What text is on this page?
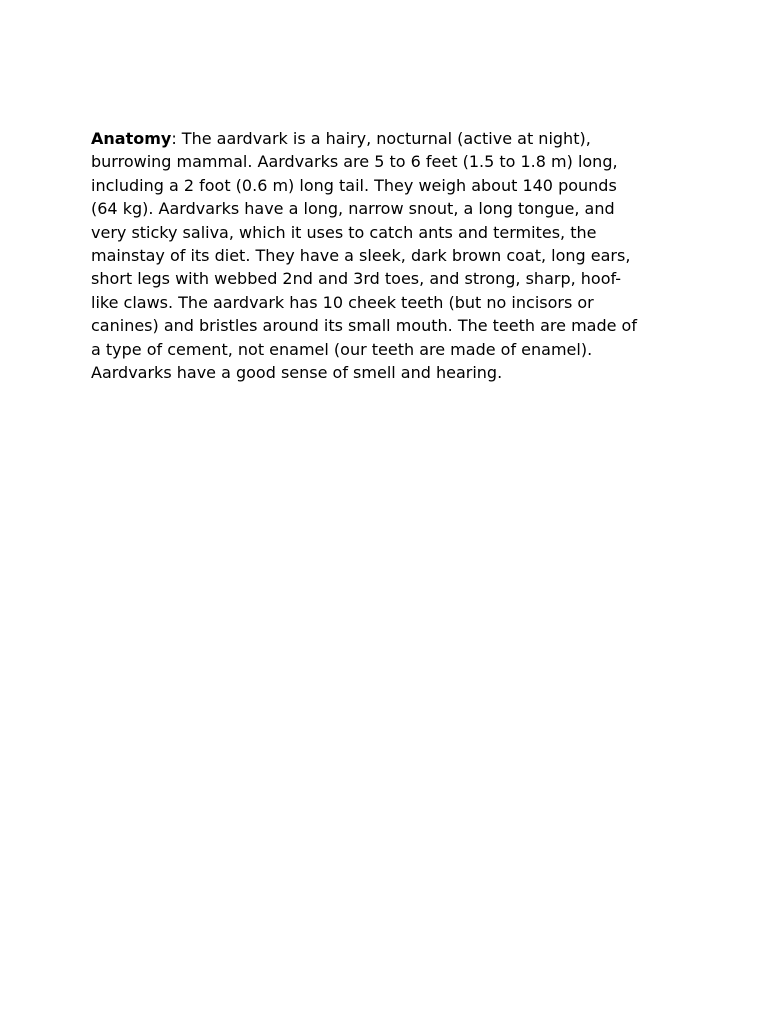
Anatomy: The aardvark is a hairy, nocturnal (active at night),
burrowing mammal. Aardvarks are 5 to 6 feet (1.5 to 1.8 m) long,
including a 2 foot (0.6 m) long tail. They weigh about 140 pounds
(64 kg). Aardvarks have a long, narrow snout, a long tongue, and
very sticky saliva, which it uses to catch ants and termites, the
mainstay of its diet. They have a sleek, dark brown coat, long ears,
short legs with webbed 2nd and 3rd toes, and strong, sharp, hoof-
like claws. The aardvark has 10 cheek teeth (but no incisors or
canines) and bristles around its small mouth. The teeth are made of
a type of cement, not enamel (our teeth are made of enamel).
Aardvarks have a good sense of smell and hearing.
